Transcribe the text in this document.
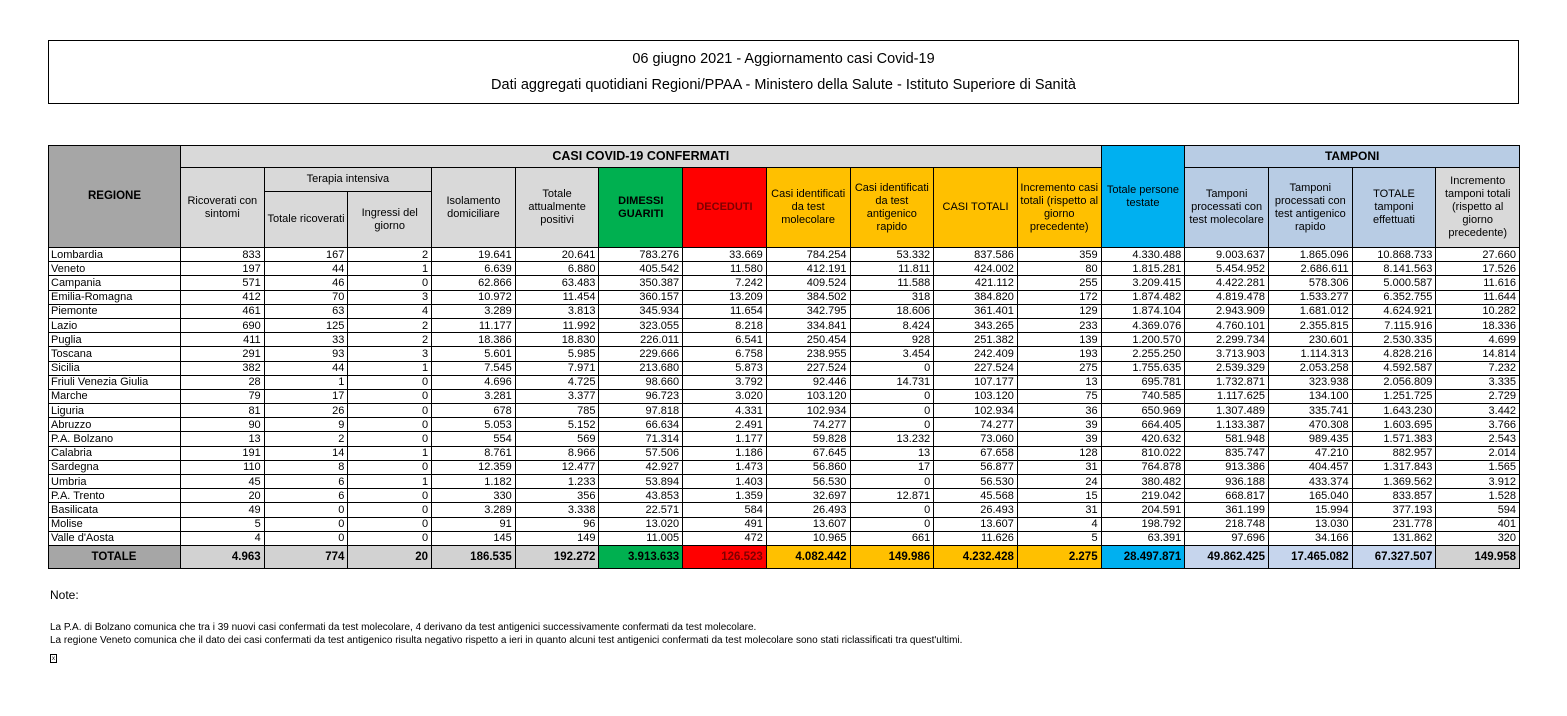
06 giugno 2021 - Aggiornamento casi Covid-19
Dati aggregati quotidiani Regioni/PPAA - Ministero della Salute - Istituto Superiore di Sanità
REGIONE	CASI COVID-19 CONFERMATI											Totale persone testate	TAMPONI			
	Ricoverati con sintomi	Terapia intensiva		Isolamento domiciliare	Totale attualmente positivi	DIMESSI GUARITI	DECEDUTI	Casi identificati da test molecolare	Casi identificati da test antigenico rapido	CASI TOTALI	Incremento casi totali (rispetto al giorno precedente)		Tamponi processati con test molecolare	Tamponi processati con test antigenico rapido	TOTALE tamponi effettuati	Incremento tamponi totali (rispetto al giorno precedente)
		Totale ricoverati	Ingressi del giorno													
Lombardia	833	167	2	19.641	20.641	783.276	33.669	784.254	53.332	837.586	359	4.330.488	9.003.637	1.865.096	10.868.733	27.660
Veneto	197	44	1	6.639	6.880	405.542	11.580	412.191	11.811	424.002	80	1.815.281	5.454.952	2.686.611	8.141.563	17.526
Campania	571	46	0	62.866	63.483	350.387	7.242	409.524	11.588	421.112	255	3.209.415	4.422.281	578.306	5.000.587	11.616
Emilia-Romagna	412	70	3	10.972	11.454	360.157	13.209	384.502	318	384.820	172	1.874.482	4.819.478	1.533.277	6.352.755	11.644
Piemonte	461	63	4	3.289	3.813	345.934	11.654	342.795	18.606	361.401	129	1.874.104	2.943.909	1.681.012	4.624.921	10.282
Lazio	690	125	2	11.177	11.992	323.055	8.218	334.841	8.424	343.265	233	4.369.076	4.760.101	2.355.815	7.115.916	18.336
Puglia	411	33	2	18.386	18.830	226.011	6.541	250.454	928	251.382	139	1.200.570	2.299.734	230.601	2.530.335	4.699
Toscana	291	93	3	5.601	5.985	229.666	6.758	238.955	3.454	242.409	193	2.255.250	3.713.903	1.114.313	4.828.216	14.814
Sicilia	382	44	1	7.545	7.971	213.680	5.873	227.524	0	227.524	275	1.755.635	2.539.329	2.053.258	4.592.587	7.232
Friuli Venezia Giulia	28	1	0	4.696	4.725	98.660	3.792	92.446	14.731	107.177	13	695.781	1.732.871	323.938	2.056.809	3.335
Marche	79	17	0	3.281	3.377	96.723	3.020	103.120	0	103.120	75	740.585	1.117.625	134.100	1.251.725	2.729
Liguria	81	26	0	678	785	97.818	4.331	102.934	0	102.934	36	650.969	1.307.489	335.741	1.643.230	3.442
Abruzzo	90	9	0	5.053	5.152	66.634	2.491	74.277	0	74.277	39	664.405	1.133.387	470.308	1.603.695	3.766
P.A. Bolzano	13	2	0	554	569	71.314	1.177	59.828	13.232	73.060	39	420.632	581.948	989.435	1.571.383	2.543
Calabria	191	14	1	8.761	8.966	57.506	1.186	67.645	13	67.658	128	810.022	835.747	47.210	882.957	2.014
Sardegna	110	8	0	12.359	12.477	42.927	1.473	56.860	17	56.877	31	764.878	913.386	404.457	1.317.843	1.565
Umbria	45	6	1	1.182	1.233	53.894	1.403	56.530	0	56.530	24	380.482	936.188	433.374	1.369.562	3.912
P.A. Trento	20	6	0	330	356	43.853	1.359	32.697	12.871	45.568	15	219.042	668.817	165.040	833.857	1.528
Basilicata	49	0	0	3.289	3.338	22.571	584	26.493	0	26.493	31	204.591	361.199	15.994	377.193	594
Molise	5	0	0	91	96	13.020	491	13.607	0	13.607	4	198.792	218.748	13.030	231.778	401
Valle d'Aosta	4	0	0	145	149	11.005	472	10.965	661	11.626	5	63.391	97.696	34.166	131.862	320
TOTALE	4.963	774	20	186.535	192.272	3.913.633	126.523	4.082.442	149.986	4.232.428	2.275	28.497.871	49.862.425	17.465.082	67.327.507	149.958
Note:
La P.A. di Bolzano comunica che tra i 39 nuovi casi confermati da test molecolare, 4 derivano da test antigenici successivamente confermati da test molecolare.
La regione Veneto comunica che il dato dei casi confermati da test antigenico risulta negativo rispetto a ieri in quanto alcuni test antigenici confermati da test molecolare sono stati riclassificati tra quest'ultimi.
x
